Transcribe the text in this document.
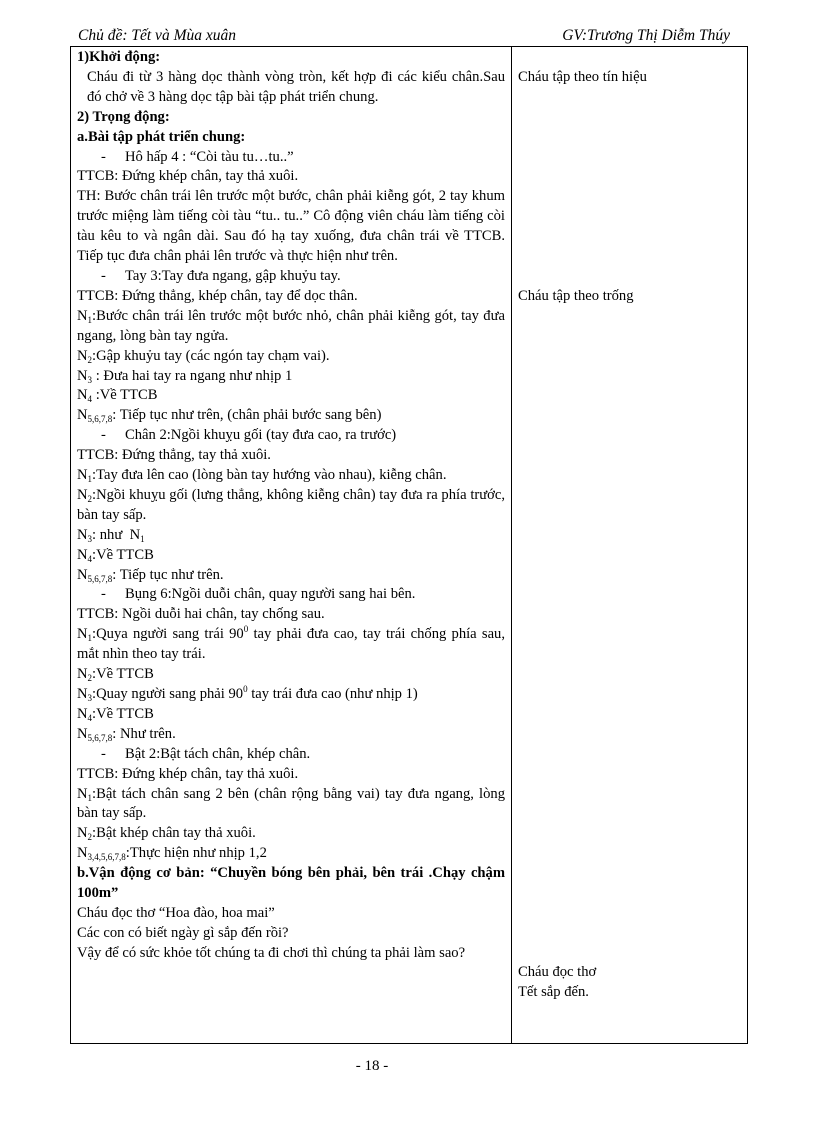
Chủ đề: Tết và Mùa xuân	GV:Trương Thị Diễm Thúy

1)Khởi động:

Cháu đi từ 3 hàng dọc thành vòng tròn, kết hợp đi các kiểu chân.Sau đó chở về 3 hàng dọc tập bài tập phát triển chung.

2) Trọng động:

a.Bài tập phát triển chung:

- Hô hấp 4 : “Còi tàu tu…tu..”

TTCB: Đứng khép chân, tay thả xuôi.

TH: Bước chân trái lên trước một bước, chân phải kiễng gót, 2 tay khum trước miệng làm tiếng còi tàu “tu.. tu..” Cô động viên cháu làm tiếng còi tàu kêu to và ngân dài. Sau đó hạ tay xuống, đưa chân trái về TTCB. Tiếp tục đưa chân phải lên trước và thực hiện như trên.

- Tay 3:Tay đưa ngang, gập khuỷu tay.

TTCB: Đứng thẳng, khép chân, tay để dọc thân.

$N_1:Bước$ chân trái lên trước một bước nhỏ, chân phải kiễng gót, tay đưa ngang, lòng bàn tay ngửa.

$N_2:Gập$ khuỷu tay (các ngón tay chạm vai).

$N_3$ : Đưa hai tay ra ngang như nhịp 1

$N_4$ :Về TTCB

$N_{5,6,7,8}$: Tiếp tục như trên, (chân phải bước sang bên)

- Chân 2:Ngồi khuỵu gối (tay đưa cao, ra trước)

TTCB: Đứng thẳng, tay thả xuôi.

$N_1:Tay$ đưa lên cao (lòng bàn tay hướng vào nhau), kiễng chân.

$N_2:Ngồi$ khuỵu gối (lưng thẳng, không kiễng chân) tay đưa ra phía trước, bàn tay sấp.

$N_3$: như $N_1$

$N_4:Về$ TTCB

$N_{5,6,7,8}$: Tiếp tục như trên.

- Bụng 6:Ngồi duỗi chân, quay người sang hai bên.

TTCB: Ngồi duỗi hai chân, tay chống sau.

$N_1:Quya$ người sang trái $90^0$ tay phải đưa cao, tay trái chống phía sau, mắt nhìn theo tay trái.

$N_2:Về$ TTCB

$N_3:Quay$ người sang phải $90^0$ tay trái đưa cao (như nhịp 1)

$N_4:Về$ TTCB

$N_{5,6,7,8}$: Như trên.

- Bật 2:Bật tách chân, khép chân.

TTCB: Đứng khép chân, tay thả xuôi.

$N_1:Bật$ tách chân sang 2 bên (chân rộng bằng vai) tay đưa ngang, lòng bàn tay sấp.

$N_2:Bật$ khép chân tay thả xuôi.

$N_{3,4,5,6,7,8}:Thực$ hiện như nhịp 1,2

b.Vận động cơ bản: “Chuyền bóng bên phải, bên trái .Chạy chậm 100m”

Cháu đọc thơ “Hoa đào, hoa mai”

Các con có biết ngày gì sắp đến rồi?

Vậy để có sức khỏe tốt chúng ta đi chơi thì chúng ta phải làm sao?

Cháu tập theo tín hiệu

Cháu tập theo trống

Cháu đọc thơ

Tết sắp đến.

- 18 -
